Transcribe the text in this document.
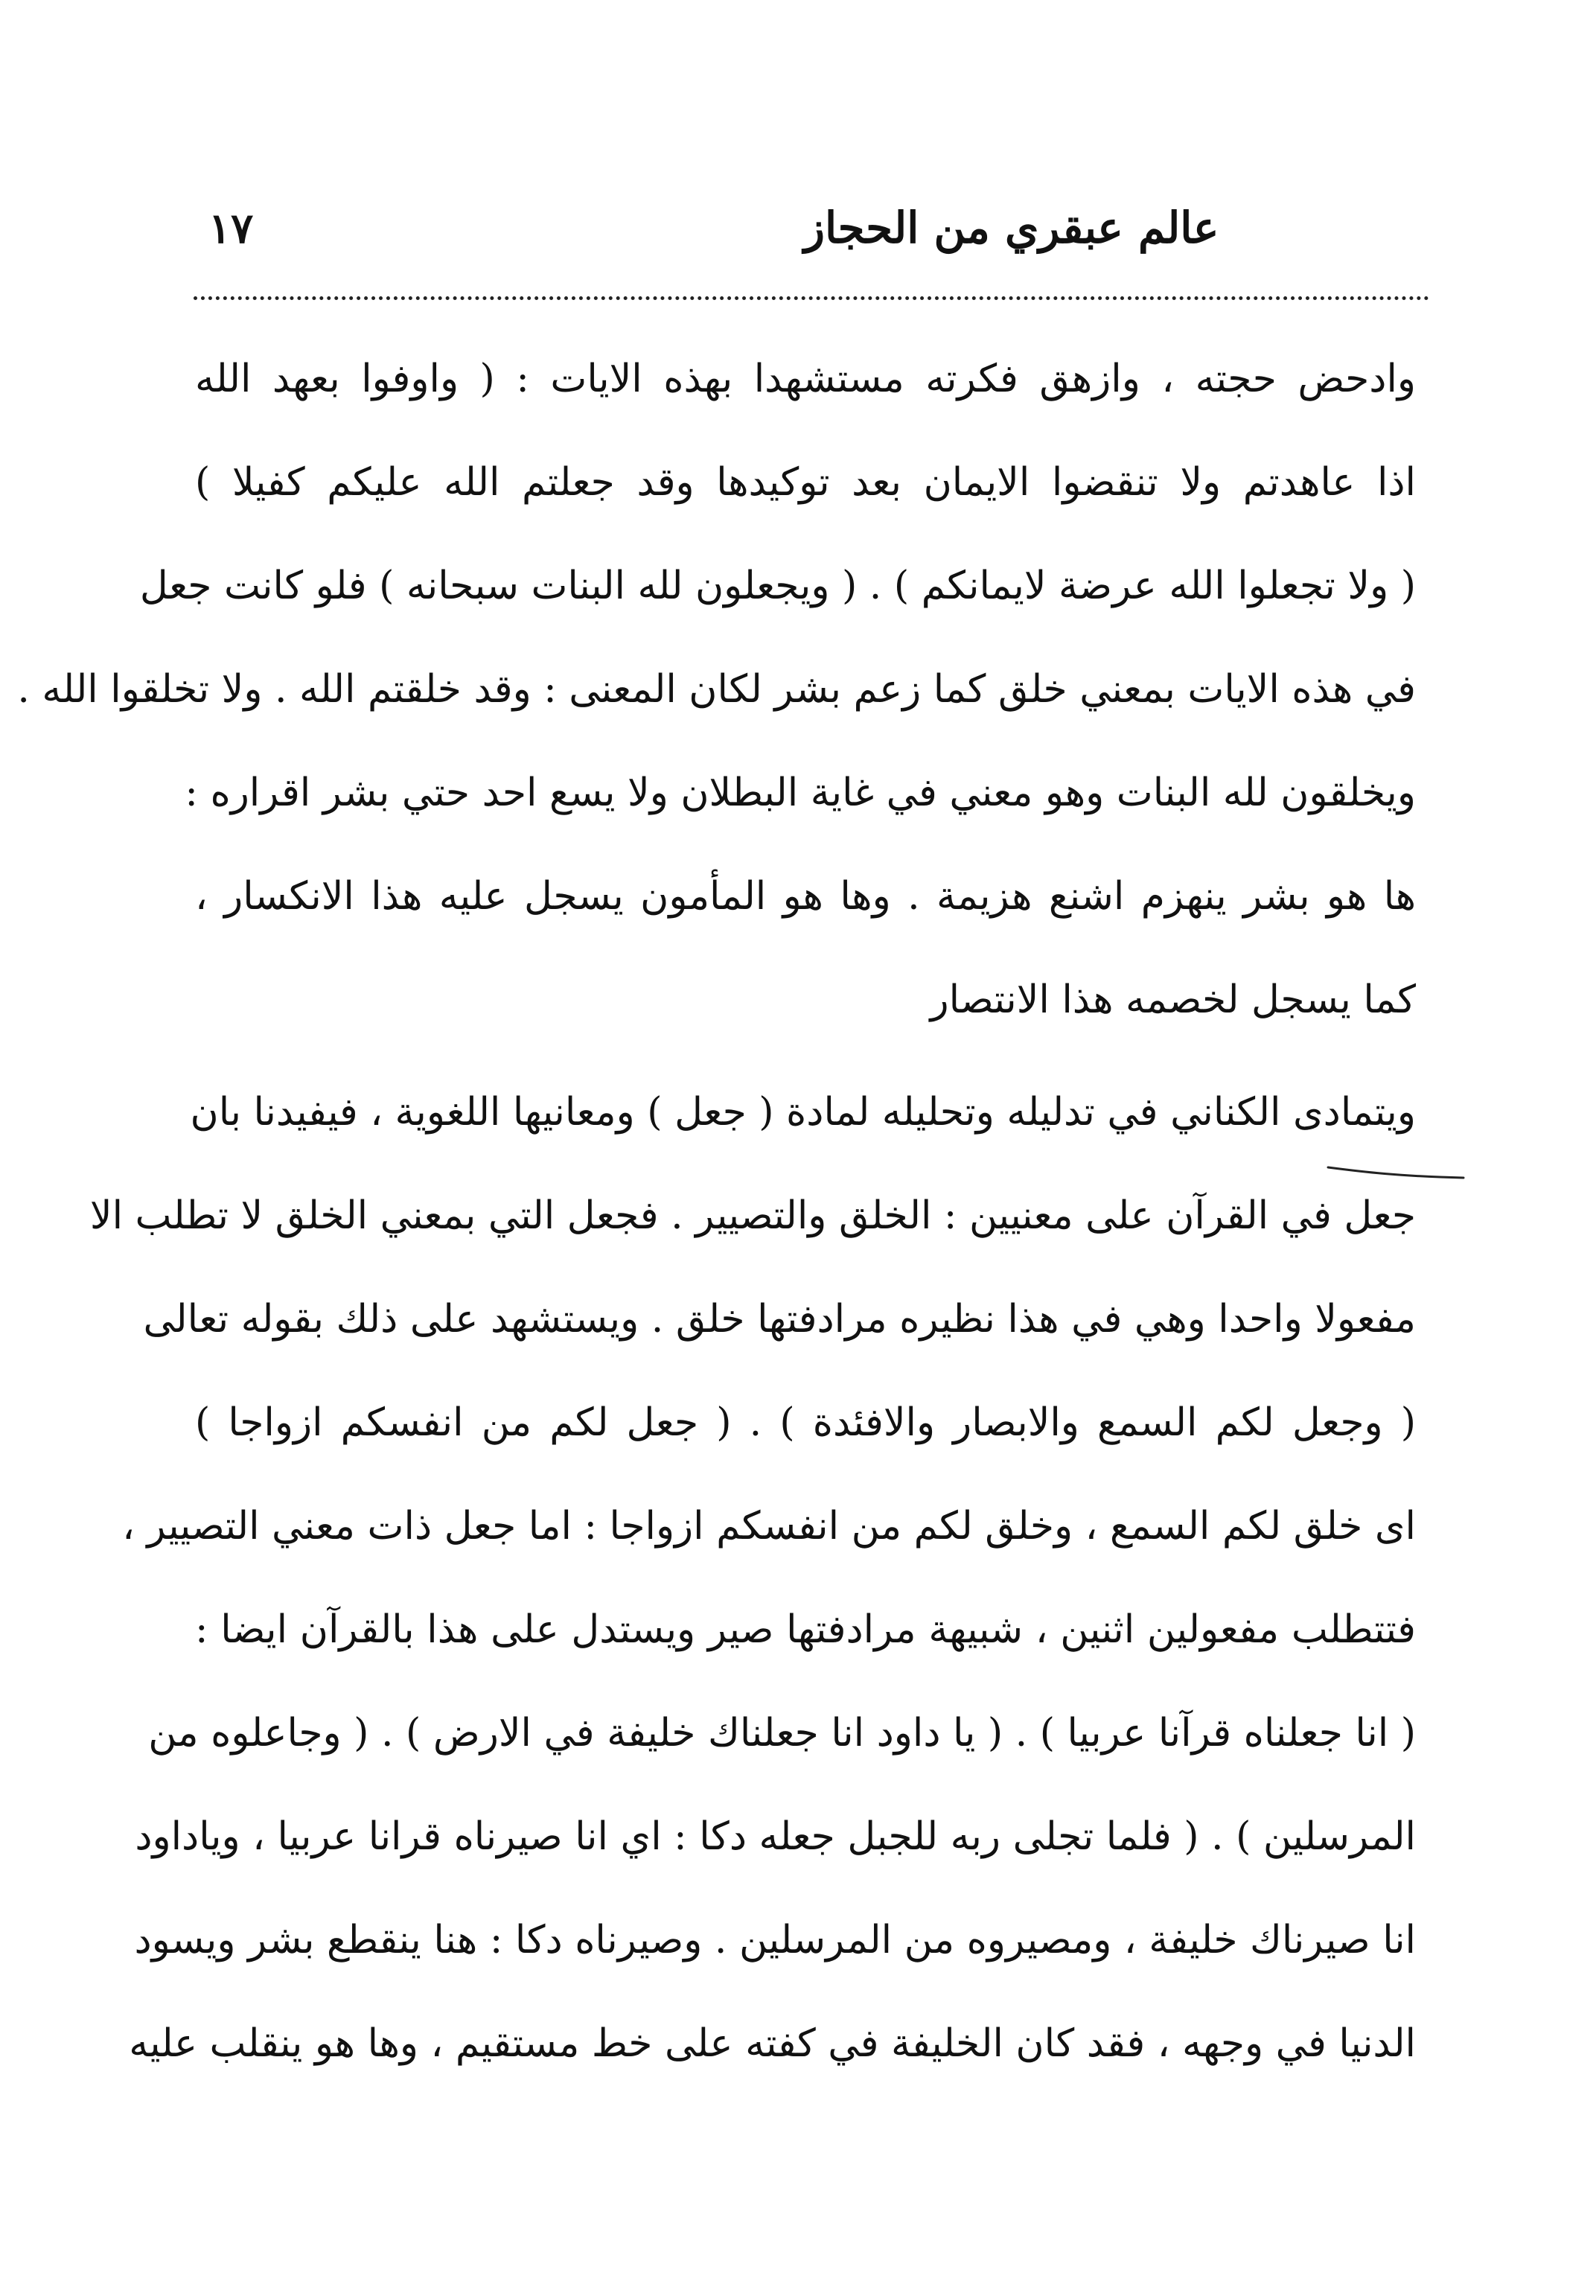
عالم عبقري من الحجاز
١٧
وادحض حجته ، وازهق فكرته مستشهدا بهذه الايات : ( واوفوا بعهد الله
اذا عاهدتم ولا تنقضوا الايمان بعد توكيدها وقد جعلتم الله عليكم كفيلا )
( ولا تجعلوا الله عرضة لايمانكم ) . ( ويجعلون لله البنات سبحانه ) فلو كانت جعل
في هذه الايات بمعني خلق كما زعم بشر لكان المعنى : وقد خلقتم الله . ولا تخلقوا الله .
ويخلقون لله البنات وهو معني في غاية البطلان ولا يسع احد حتي بشر اقراره :
ها هو بشر ينهزم اشنع هزيمة . وها هو المأمون يسجل عليه هذا الانكسار ،
كما يسجل لخصمه هذا الانتصار
ويتمادى الكناني في تدليله وتحليله لمادة ( جعل ) ومعانيها اللغوية ، فيفيدنا بان
جعل في القرآن على معنيين : الخلق والتصيير . فجعل التي بمعني الخلق لا تطلب الا
مفعولا واحدا وهي في هذا نظيره مرادفتها خلق . ويستشهد على ذلك بقوله تعالى
( وجعل لكم السمع والابصار والافئدة ) . ( جعل لكم من انفسكم ازواجا )
اى خلق لكم السمع ، وخلق لكم من انفسكم ازواجا : اما جعل ذات معني التصيير ،
فتتطلب مفعولين اثنين ، شبيهة مرادفتها صير ويستدل على هذا بالقرآن ايضا :
( انا جعلناه قرآنا عربيا ) . ( يا داود انا جعلناك خليفة في الارض ) . ( وجاعلوه من
المرسلين ) . ( فلما تجلى ربه للجبل جعله دكا : اي انا صيرناه قرانا عربيا ، وياداود
انا صيرناك خليفة ، ومصيروه من المرسلين . وصيرناه دكا : هنا ينقطع بشر ويسود
الدنيا في وجهه ، فقد كان الخليفة في كفته على خط مستقيم ، وها هو ينقلب عليه
